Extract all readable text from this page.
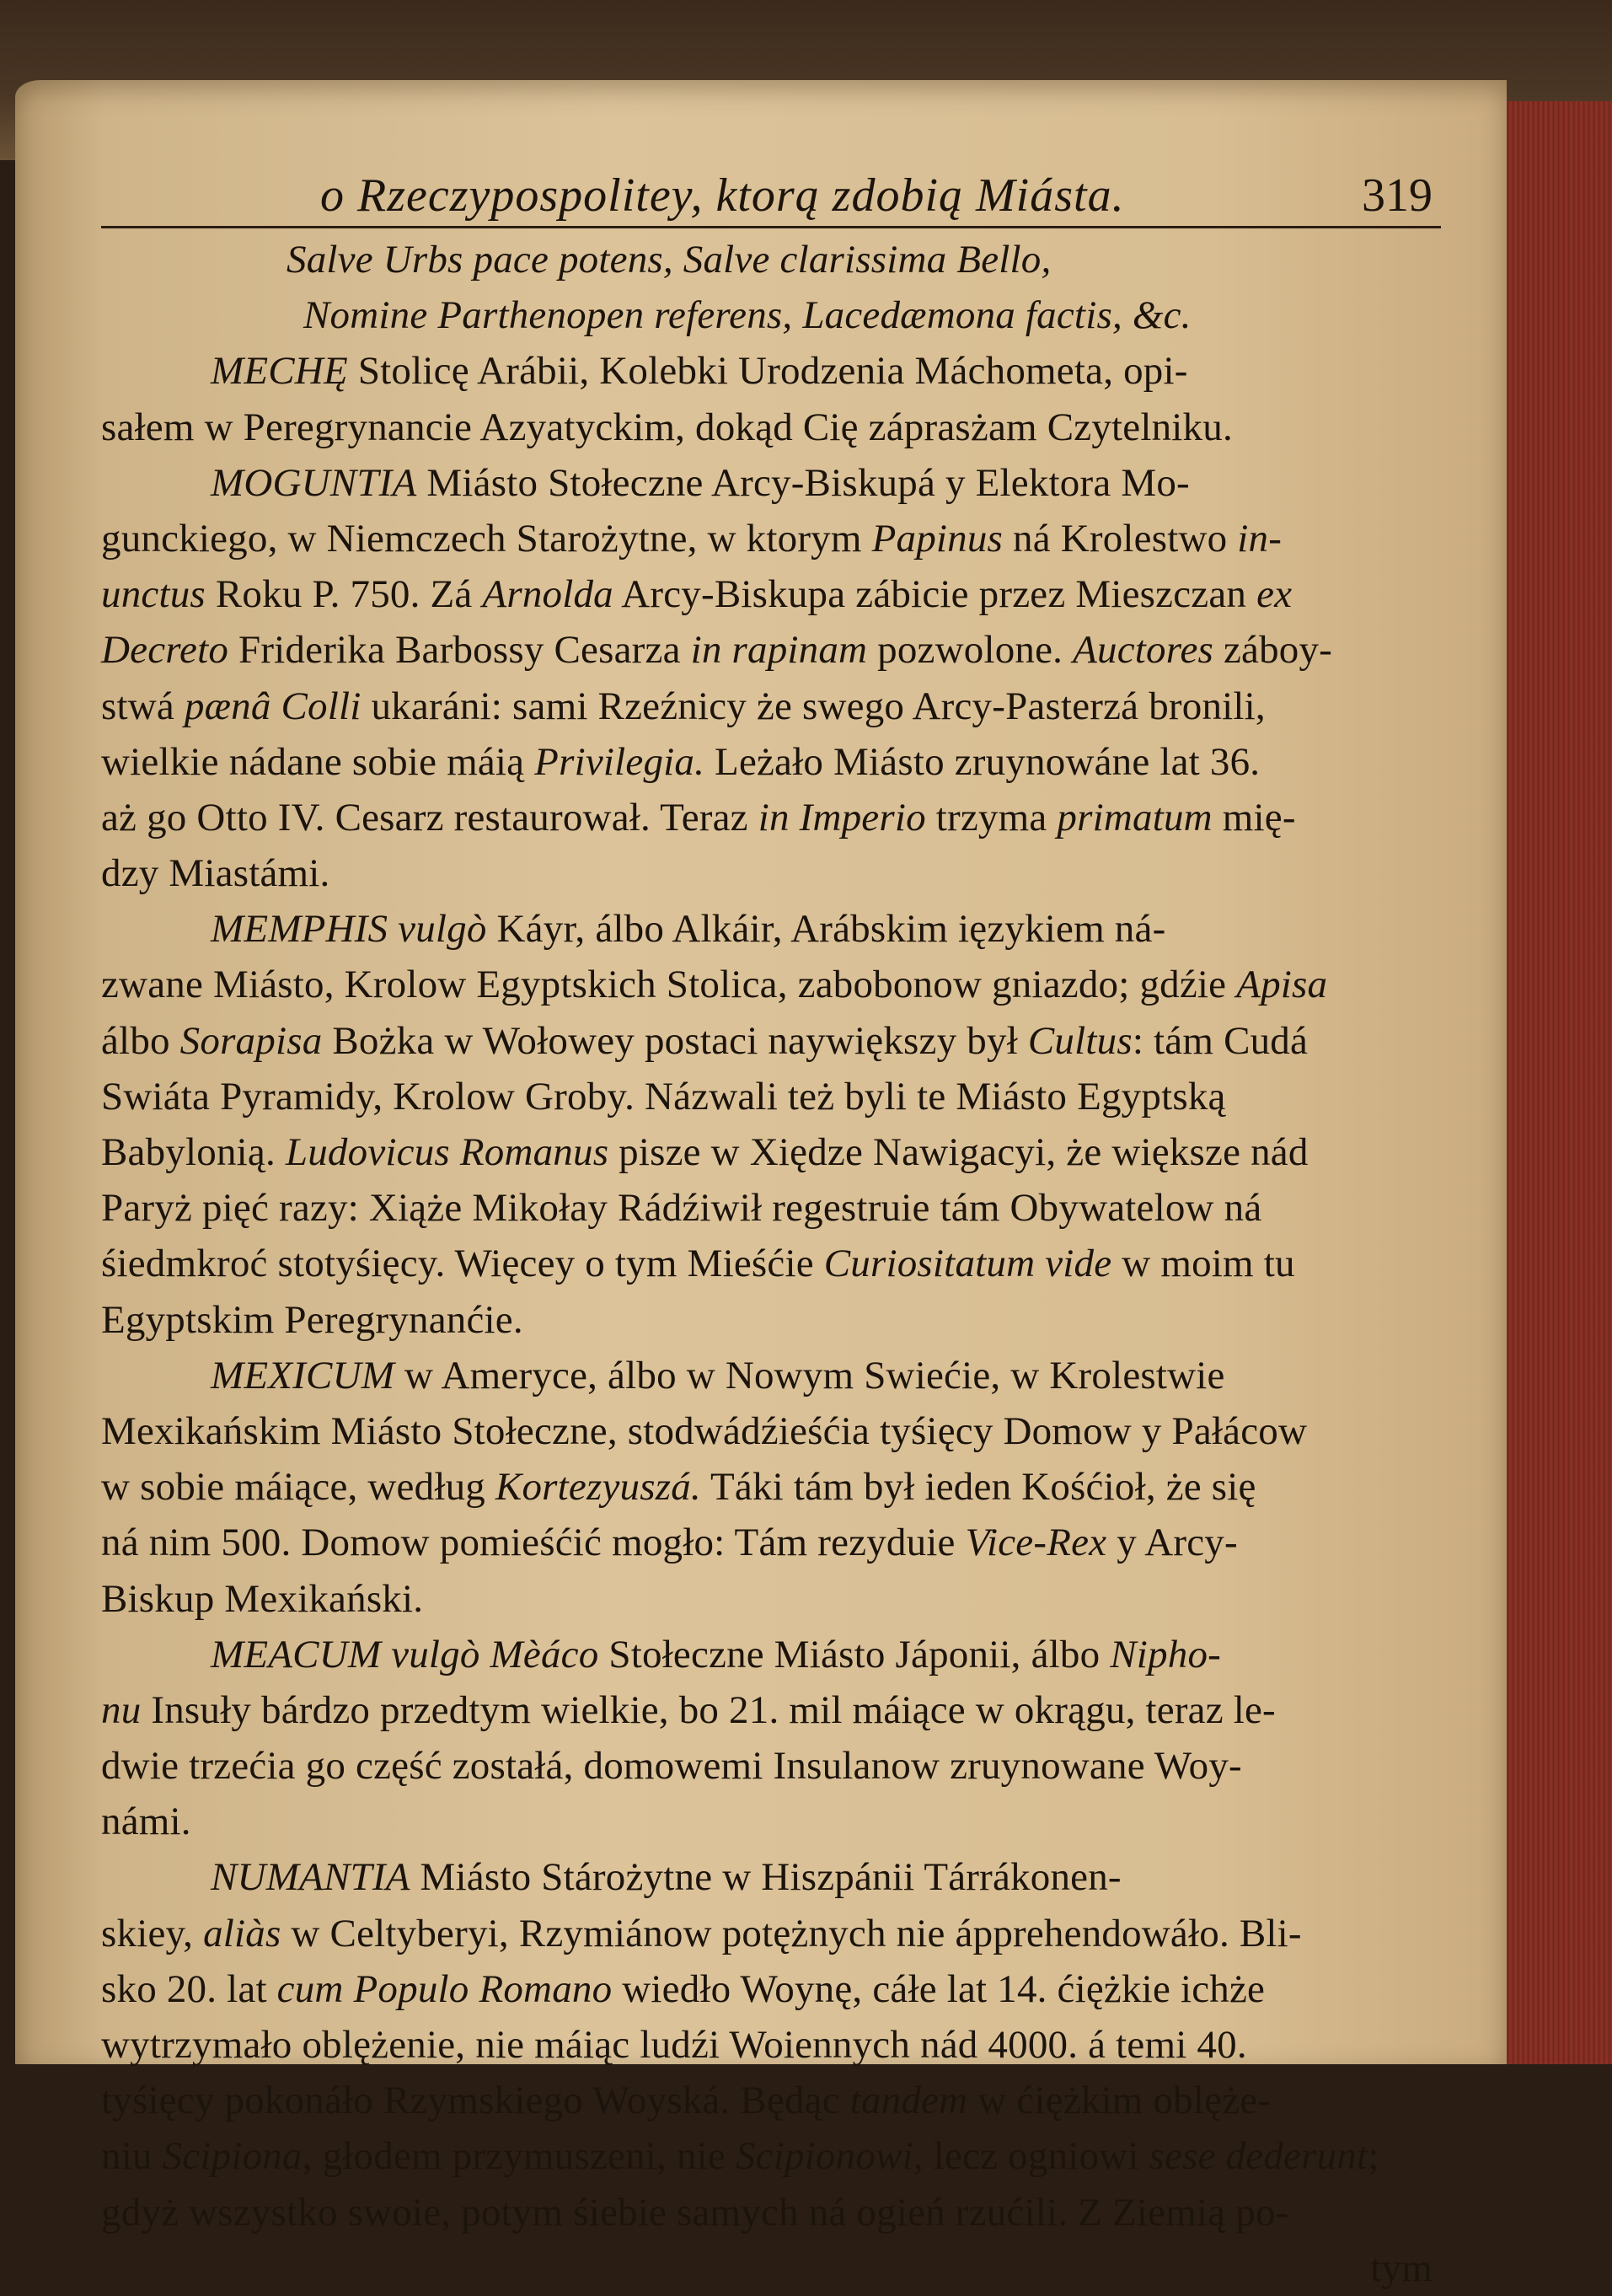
o Rzeczypospolitey, ktorą zdobią Miásta.	319
Salve Urbs pace potens, Salve clarissima Bello,
Nomine Parthenopen referens, Lacedæmona factis, &c.
MECHĘ Stolicę Arábii, Kolebki Urodzenia Máchometa, opi-
sałem w Peregrynancie Azyatyckim, dokąd Cię záprasżam Czytelniku.
MOGUNTIA Miásto Stołeczne Arcy-Biskupá y Elektora Mo-
gunckiego, w Niemczech Starożytne, w ktorym Papinus ná Krolestwo in-
unctus Roku P. 750. Zá Arnolda Arcy-Biskupa zábicie przez Mieszczan ex
Decreto Friderika Barbossy Cesarza in rapinam pozwolone. Auctores záboy-
stwá pænâ Colli ukaráni: sami Rzeźnicy że swego Arcy-Pasterzá bronili,
wielkie nádane sobie máią Privilegia. Leżało Miásto zruynowáne lat 36.
aż go Otto IV. Cesarz restaurował. Teraz in Imperio trzyma primatum mię-
dzy Miastámi.
MEMPHIS vulgò Káyr, álbo Alkáir, Arábskim ięzykiem ná-
zwane Miásto, Krolow Egyptskich Stolica, zabobonow gniazdo; gdźie Apisa
álbo Sorapisa Bożka w Wołowey postaci naywiększy był Cultus: tám Cudá
Swiáta Pyramidy, Krolow Groby. Názwali też byli te Miásto Egyptską
Babylonią. Ludovicus Romanus pisze w Xiędze Nawigacyi, że większe nád
Paryż pięć razy: Xiąże Mikołay Rádźiwił regestruie tám Obywatelow ná
śiedmkroć stotyśięcy. Więcey o tym Mieśćie Curiositatum vide w moim tu
Egyptskim Peregrynanćie.
MEXICUM w Ameryce, álbo w Nowym Swiećie, w Krolestwie
Mexikańskim Miásto Stołeczne, stodwádźieśćia tyśięcy Domow y Pałácow
w sobie máiące, według Kortezyuszá. Táki tám był ieden Kośćioł, że się
ná nim 500. Domow pomieśćić mogło: Tám rezyduie Vice-Rex y Arcy-
Biskup Mexikański.
MEACUM vulgò Mèáco Stołeczne Miásto Jáponii, álbo Nipho-
nu Insuły bárdzo przedtym wielkie, bo 21. mil máiące w okrągu, teraz le-
dwie trzećia go część zostałá, domowemi Insulanow zruynowane Woy-
námi.
NUMANTIA Miásto Stárożytne w Hiszpánii Tárrákonen-
skiey, aliàs w Celtyberyi, Rzymiánow potężnych nie ápprehendowáło. Bli-
sko 20. lat cum Populo Romano wiedło Woynę, cáłe lat 14. ćiężkie ichże
wytrzymało oblężenie, nie máiąc ludźi Woiennych nád 4000. á temi 40.
tyśięcy pokonáło Rzymskiego Woyská. Będąc tandem w ćiężkim oblęże-
niu Scipiona, głodem przymuszeni, nie Scipionowi, lecz ogniowi sese dederunt;
gdyż wszystko swoie, potym śiebie samych ná ogień rzućili. Z Ziemią po-
tym
